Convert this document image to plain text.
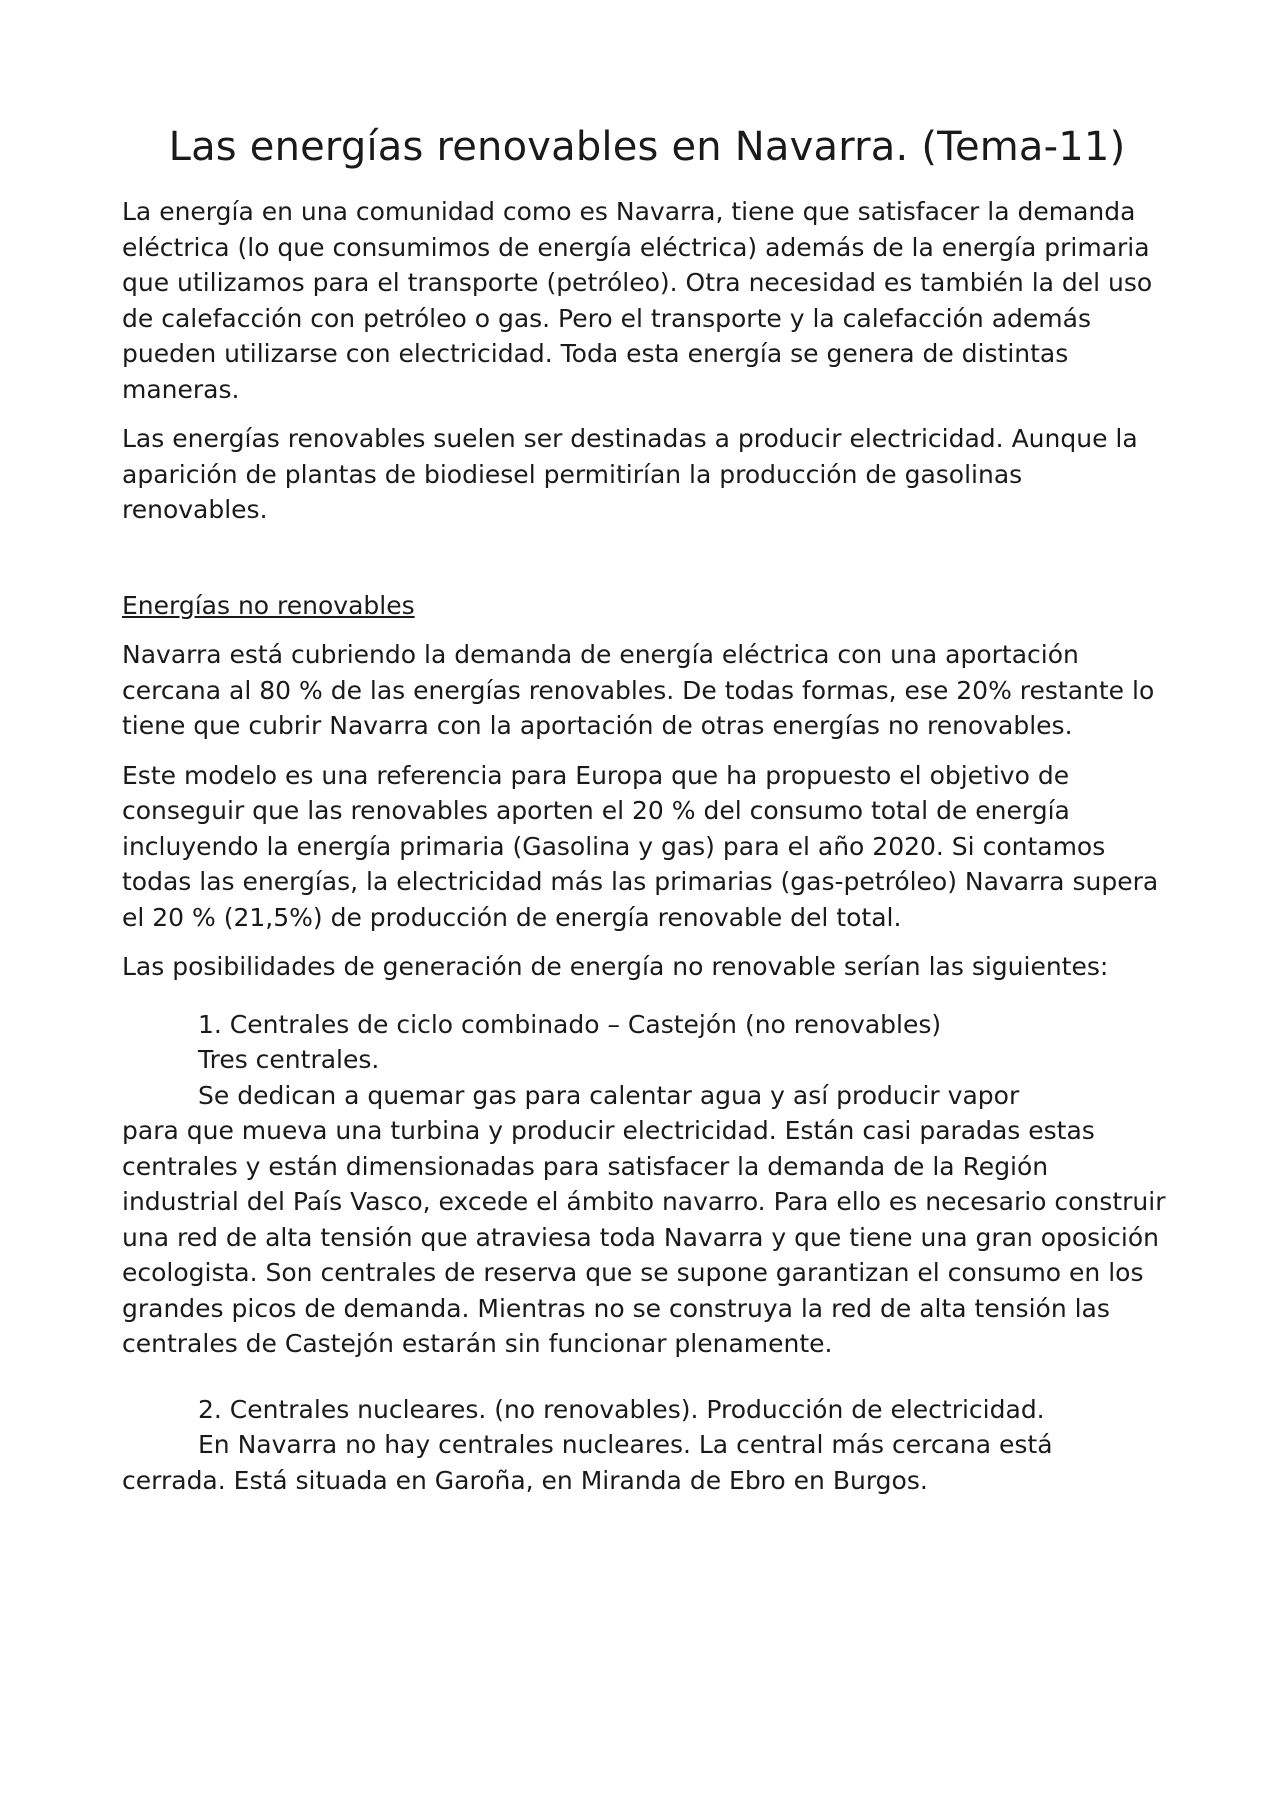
Las energías renovables en Navarra. (Tema-11)

La energía en una comunidad como es Navarra, tiene que satisfacer la demanda eléctrica (lo que consumimos de energía eléctrica) además de la energía primaria que utilizamos para el transporte (petróleo). Otra necesidad es también la del uso de calefacción con petróleo o gas. Pero el transporte y la calefacción además pueden utilizarse con electricidad. Toda esta energía se genera de distintas maneras.

Las energías renovables suelen ser destinadas a producir electricidad. Aunque la aparición de plantas de biodiesel permitirían la producción de gasolinas renovables.

Energías no renovables

Navarra está cubriendo la demanda de energía eléctrica con una aportación cercana al 80 % de las energías renovables. De todas formas, ese 20% restante lo tiene que cubrir Navarra con la aportación de otras energías no renovables.

Este modelo es una referencia para Europa que ha propuesto el objetivo de conseguir que las renovables aporten el 20 % del consumo total de energía incluyendo la energía primaria (Gasolina y gas) para el año 2020. Si contamos todas las energías, la electricidad más las primarias (gas-petróleo) Navarra supera el 20 % (21,5%) de producción de energía renovable del total.

Las posibilidades de generación de energía no renovable serían las siguientes:

1. Centrales de ciclo combinado – Castejón (no renovables)

Tres centrales.

Se dedican a quemar gas para calentar agua y así producir vapor

para que mueva una turbina y producir electricidad. Están casi paradas estas centrales y están dimensionadas para satisfacer la demanda de la Región industrial del País Vasco, excede el ámbito navarro. Para ello es necesario construir una red de alta tensión que atraviesa toda Navarra y que tiene una gran oposición ecologista. Son centrales de reserva que se supone garantizan el consumo en los grandes picos de demanda. Mientras no se construya la red de alta tensión las centrales de Castejón estarán sin funcionar plenamente.

2. Centrales nucleares. (no renovables). Producción de electricidad.

En Navarra no hay centrales nucleares. La central más cercana está

cerrada. Está situada en Garoña, en Miranda de Ebro en Burgos.
